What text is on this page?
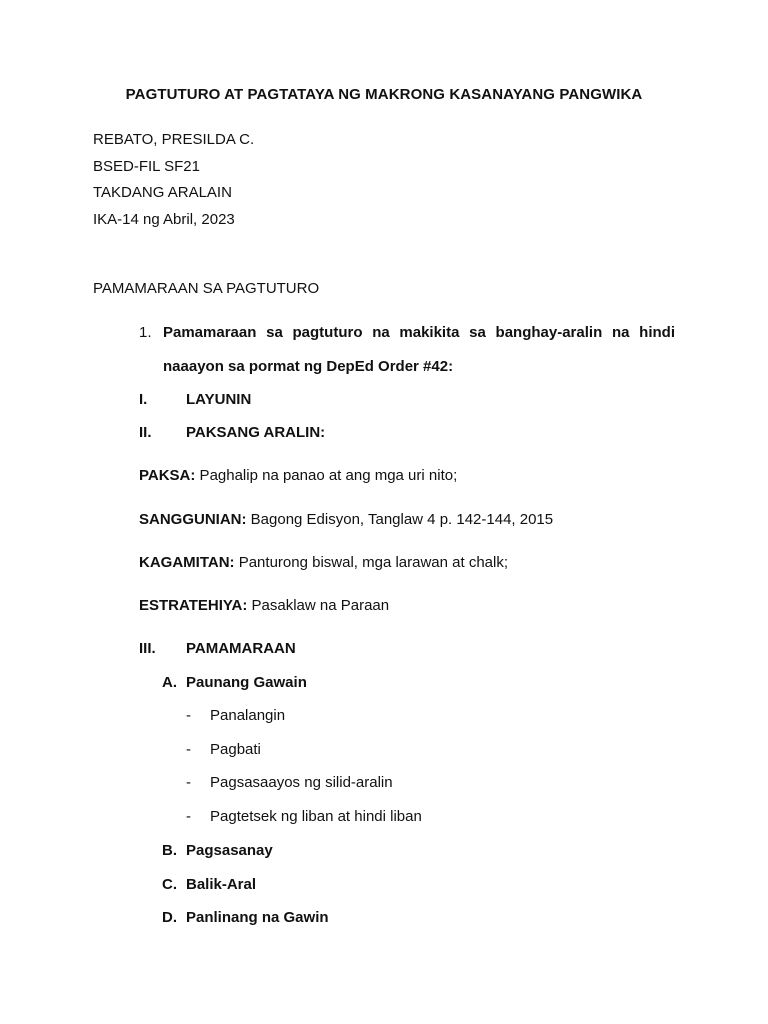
PAGTUTURO AT PAGTATAYA NG MAKRONG KASANAYANG PANGWIKA
REBATO, PRESILDA C.
BSED-FIL SF21
TAKDANG ARALAIN
IKA-14 ng Abril, 2023
PAMAMARAAN SA PAGTUTURO
1. Pamamaraan sa pagtuturo na makikita sa banghay-aralin na hindi
naaayon sa pormat ng DepEd Order #42:
I.	LAYUNIN
II. PAKSANG ARALIN:
PAKSA: Paghalip na panao at ang mga uri nito;
SANGGUNIAN: Bagong Edisyon, Tanglaw 4 p. 142-144, 2015
KAGAMITAN: Panturong biswal, mga larawan at chalk;
ESTRATEHIYA: Pasaklaw na Paraan
III. PAMAMARAAN
A. Paunang Gawain
- Panalangin
- Pagbati
- Pagsasaayos ng silid-aralin
- Pagtetsek ng liban at hindi liban
B. Pagsasanay
C. Balik-Aral
D. Panlinang na Gawin
